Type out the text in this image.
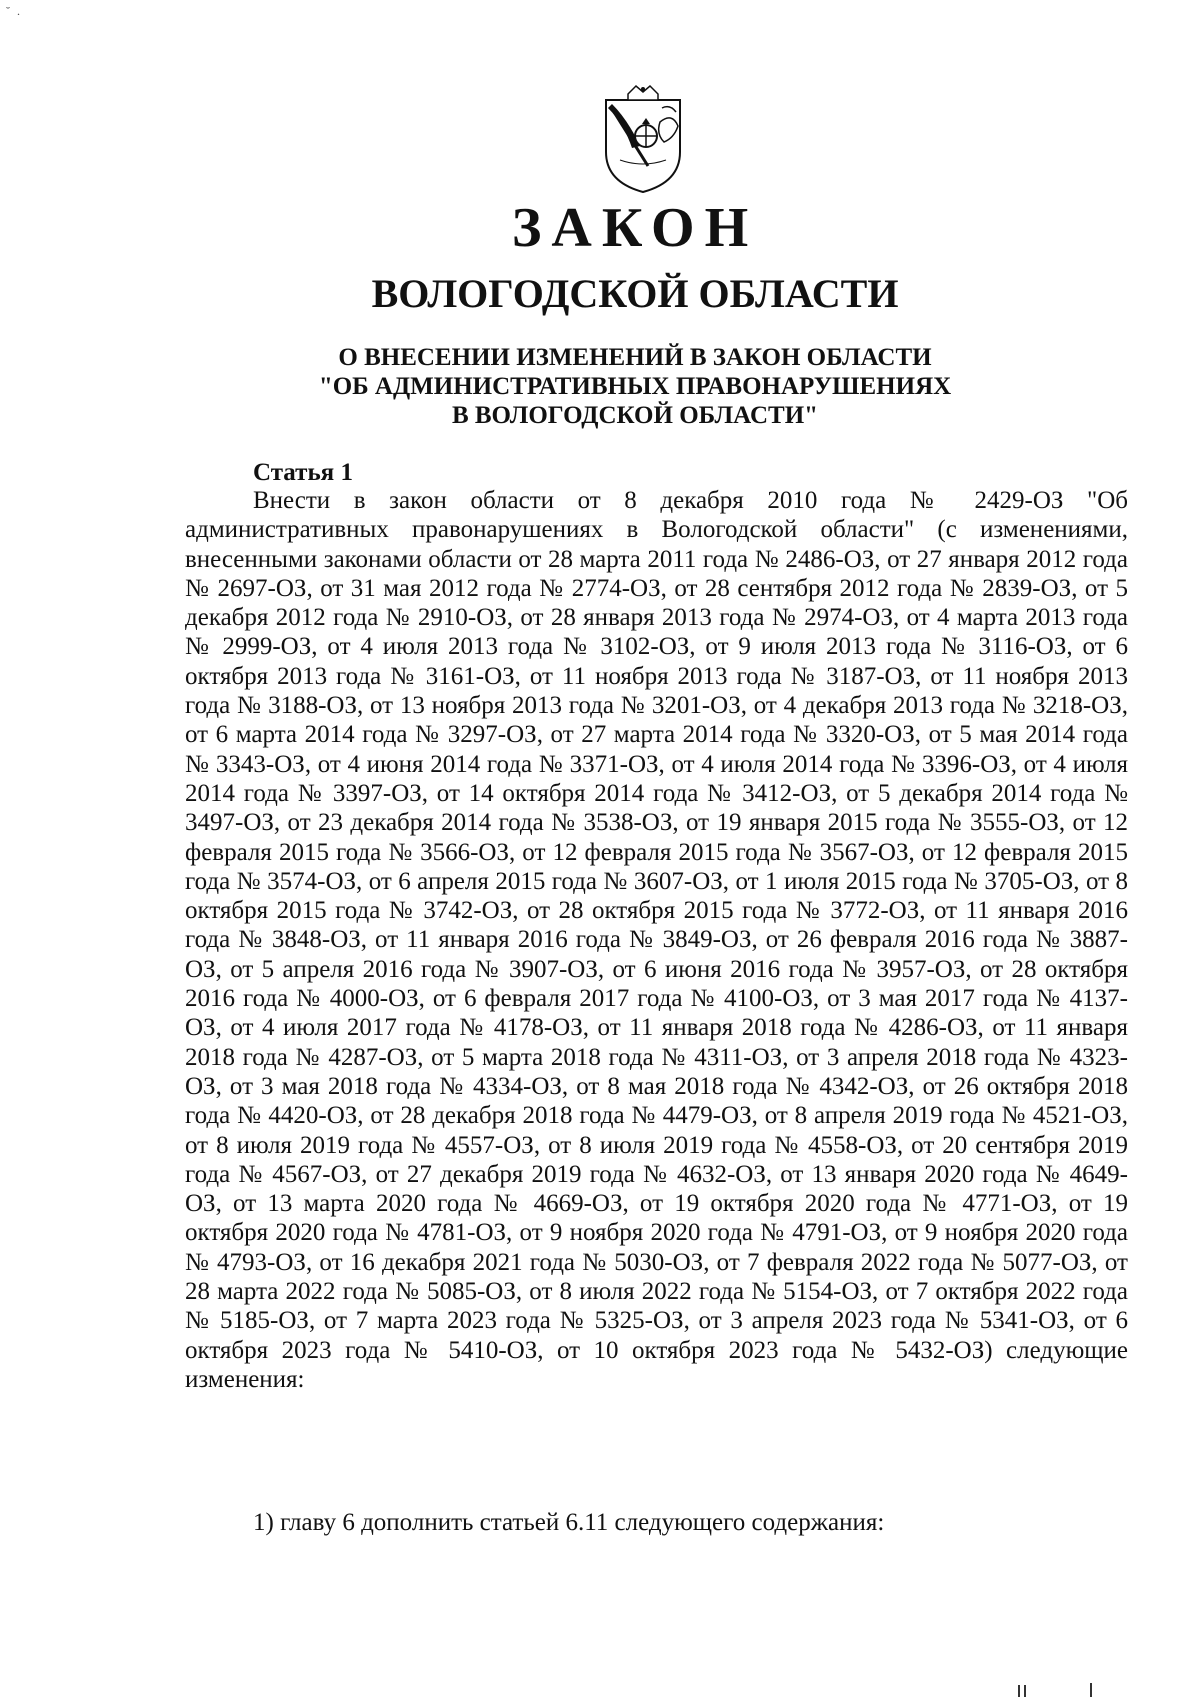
˘ .
ЗАКОН
ВОЛОГОДСКОЙ ОБЛАСТИ
О ВНЕСЕНИИ ИЗМЕНЕНИЙ В ЗАКОН ОБЛАСТИ
"ОБ АДМИНИСТРАТИВНЫХ ПРАВОНАРУШЕНИЯХ
В ВОЛОГОДСКОЙ ОБЛАСТИ"
Статья 1
Внести в закон области от 8 декабря 2010 года № 2429-ОЗ "Об административных правонарушениях в Вологодской области" (с изменениями, внесенными законами области от 28 марта 2011 года № 2486-ОЗ, от 27 января 2012 года № 2697-ОЗ, от 31 мая 2012 года № 2774-ОЗ, от 28 сентября 2012 года № 2839-ОЗ, от 5 декабря 2012 года № 2910-ОЗ, от 28 января 2013 года № 2974-ОЗ, от 4 марта 2013 года № 2999-ОЗ, от 4 июля 2013 года № 3102-ОЗ, от 9 июля 2013 года № 3116-ОЗ, от 6 октября 2013 года № 3161-ОЗ, от 11 ноября 2013 года № 3187-ОЗ, от 11 ноября 2013 года № 3188-ОЗ, от 13 ноября 2013 года № 3201-ОЗ, от 4 декабря 2013 года № 3218-ОЗ, от 6 марта 2014 года № 3297-ОЗ, от 27 марта 2014 года № 3320-ОЗ, от 5 мая 2014 года № 3343-ОЗ, от 4 июня 2014 года № 3371-ОЗ, от 4 июля 2014 года № 3396-ОЗ, от 4 июля 2014 года № 3397-ОЗ, от 14 октября 2014 года № 3412-ОЗ, от 5 декабря 2014 года № 3497-ОЗ, от 23 декабря 2014 года № 3538-ОЗ, от 19 января 2015 года № 3555-ОЗ, от 12 февраля 2015 года № 3566-ОЗ, от 12 февраля 2015 года № 3567-ОЗ, от 12 февраля 2015 года № 3574-ОЗ, от 6 апреля 2015 года № 3607-ОЗ, от 1 июля 2015 года № 3705-ОЗ, от 8 октября 2015 года № 3742-ОЗ, от 28 октября 2015 года № 3772-ОЗ, от 11 января 2016 года № 3848-ОЗ, от 11 января 2016 года № 3849-ОЗ, от 26 февраля 2016 года № 3887-ОЗ, от 5 апреля 2016 года № 3907-ОЗ, от 6 июня 2016 года № 3957-ОЗ, от 28 октября 2016 года № 4000-ОЗ, от 6 февраля 2017 года № 4100-ОЗ, от 3 мая 2017 года № 4137-ОЗ, от 4 июля 2017 года № 4178-ОЗ, от 11 января 2018 года № 4286-ОЗ, от 11 января 2018 года № 4287-ОЗ, от 5 марта 2018 года № 4311-ОЗ, от 3 апреля 2018 года № 4323-ОЗ, от 3 мая 2018 года № 4334-ОЗ, от 8 мая 2018 года № 4342-ОЗ, от 26 октября 2018 года № 4420-ОЗ, от 28 декабря 2018 года № 4479-ОЗ, от 8 апреля 2019 года № 4521-ОЗ, от 8 июля 2019 года № 4557-ОЗ, от 8 июля 2019 года № 4558-ОЗ, от 20 сентября 2019 года № 4567-ОЗ, от 27 декабря 2019 года № 4632-ОЗ, от 13 января 2020 года № 4649-ОЗ, от 13 марта 2020 года № 4669-ОЗ, от 19 октября 2020 года № 4771-ОЗ, от 19 октября 2020 года № 4781-ОЗ, от 9 ноября 2020 года № 4791-ОЗ, от 9 ноября 2020 года № 4793-ОЗ, от 16 декабря 2021 года № 5030-ОЗ, от 7 февраля 2022 года № 5077-ОЗ, от 28 марта 2022 года № 5085-ОЗ, от 8 июля 2022 года № 5154-ОЗ, от 7 октября 2022 года № 5185-ОЗ, от 7 марта 2023 года № 5325-ОЗ, от 3 апреля 2023 года № 5341-ОЗ, от 6 октября 2023 года № 5410-ОЗ, от 10 октября 2023 года № 5432-ОЗ) следующие изменения:
1) главу 6 дополнить статьей 6.11 следующего содержания:
